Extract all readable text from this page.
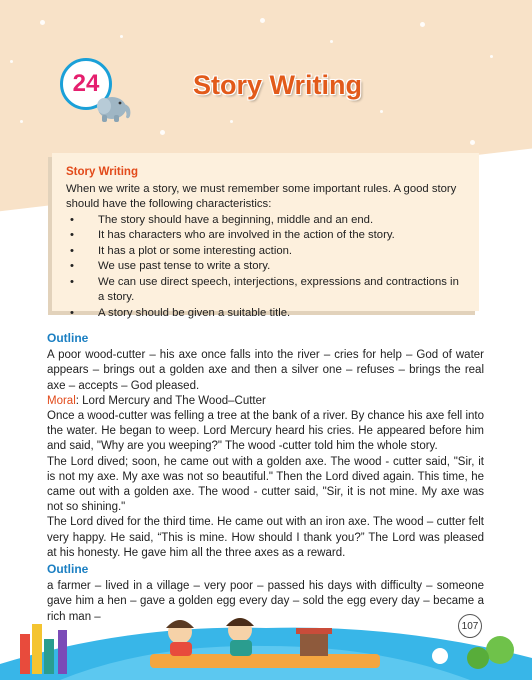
24	Story Writing
Story Writing
When we write a story, we must remember some important rules. A good story should have the following characteristics:
• The story should have a beginning, middle and an end.
• It has characters who are involved in the action of the story.
• It has a plot or some interesting action.
• We use past tense to write a story.
• We can use direct speech, interjections, expressions and contractions in a story.
• A story should be given a suitable title.
Outline

A poor wood-cutter – his axe once falls into the river – cries for help – God of water appears – brings out a golden axe and then a silver one – refuses – brings the real axe – accepts – God pleased.

Moral: Lord Mercury and The Wood–Cutter

Once a wood-cutter was felling a tree at the bank of a river. By chance his axe fell into the water. He began to weep. Lord Mercury heard his cries. He appeared before him and said, "Why are you weeping?" The wood -cutter told him the whole story.

The Lord dived; soon, he came out with a golden axe. The wood - cutter said, "Sir, it is not my axe. My axe was not so beautiful." Then the Lord dived again. This time, he came out with a golden axe. The wood - cutter said, "Sir, it is not mine. My axe was not so shining."

The Lord dived for the third time. He came out with an iron axe. The wood – cutter felt very happy. He said, “This is mine. How should I thank you?” The Lord was pleased at his honesty. He gave him all the three axes as a reward.

Outline

a farmer – lived in a village – very poor – passed his days with difficulty – someone gave him a hen – gave a golden egg every day – sold the egg every day – became a rich man –

107
